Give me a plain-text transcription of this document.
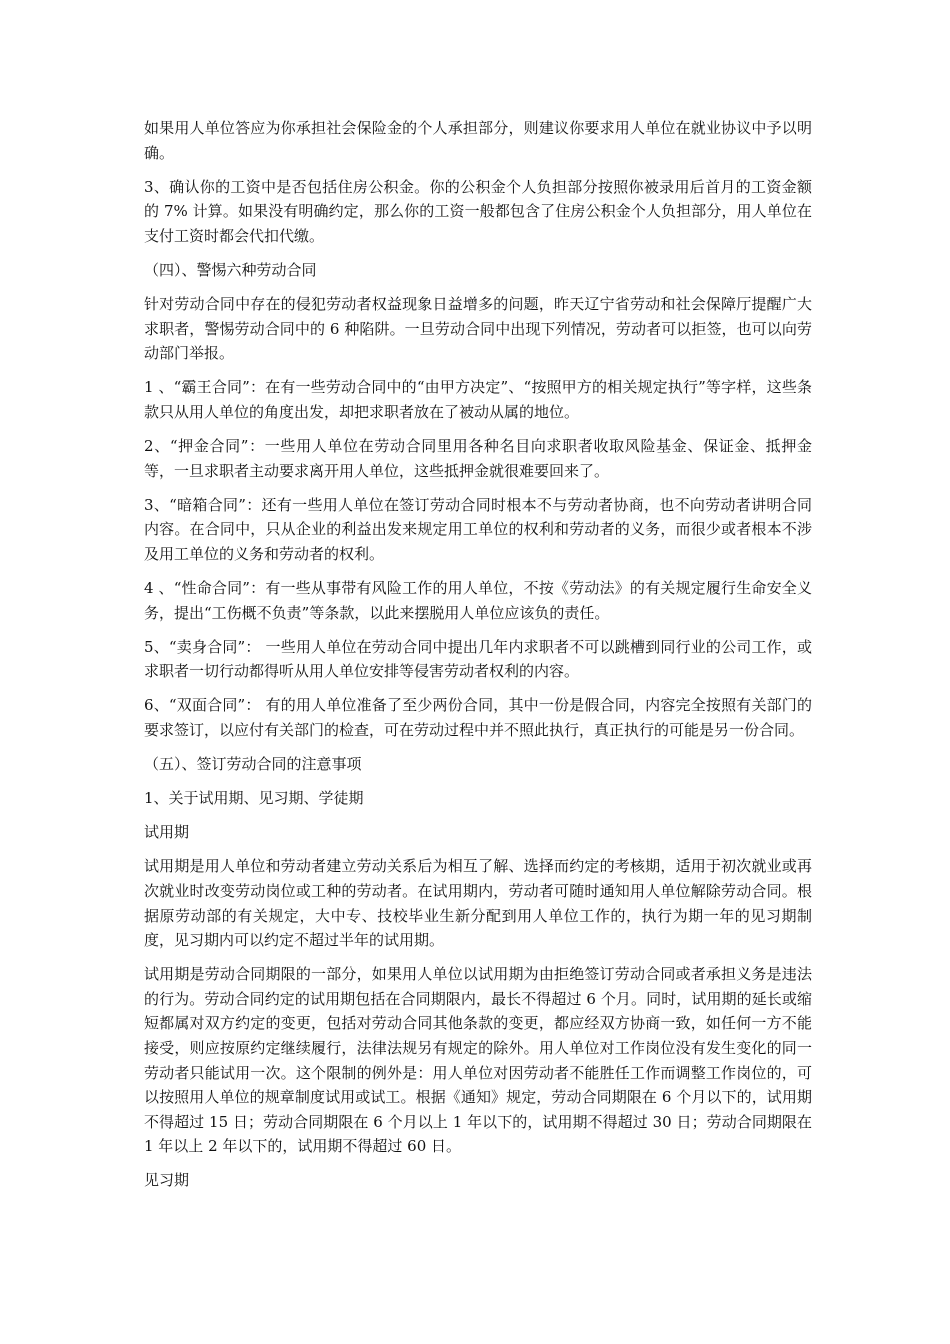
如果用人单位答应为你承担社会保险金的个人承担部分，则建议你要求用人单位在就业协议中予以明确。

3、确认你的工资中是否包括住房公积金。你的公积金个人负担部分按照你被录用后首月的工资金额的 7% 计算。如果没有明确约定，那么你的工资一般都包含了住房公积金个人负担部分，用人单位在支付工资时都会代扣代缴。

（四）、警惕六种劳动合同

针对劳动合同中存在的侵犯劳动者权益现象日益增多的问题，昨天辽宁省劳动和社会保障厅提醒广大求职者，警惕劳动合同中的 6 种陷阱。一旦劳动合同中出现下列情况，劳动者可以拒签，也可以向劳动部门举报。

1 、“霸王合同”：在有一些劳动合同中的“由甲方决定”、“按照甲方的相关规定执行”等字样，这些条款只从用人单位的角度出发，却把求职者放在了被动从属的地位。

2、“押金合同”：一些用人单位在劳动合同里用各种名目向求职者收取风险基金、保证金、抵押金等，一旦求职者主动要求离开用人单位，这些抵押金就很难要回来了。

3、“暗箱合同”：还有一些用人单位在签订劳动合同时根本不与劳动者协商，也不向劳动者讲明合同内容。在合同中，只从企业的利益出发来规定用工单位的权利和劳动者的义务，而很少或者根本不涉及用工单位的义务和劳动者的权利。

4 、“性命合同”：有一些从事带有风险工作的用人单位，不按《劳动法》的有关规定履行生命安全义务，提出“工伤概不负责”等条款，以此来摆脱用人单位应该负的责任。

5、“卖身合同”： 一些用人单位在劳动合同中提出几年内求职者不可以跳槽到同行业的公司工作，或求职者一切行动都得听从用人单位安排等侵害劳动者权利的内容。

6、“双面合同”： 有的用人单位准备了至少两份合同，其中一份是假合同，内容完全按照有关部门的要求签订，以应付有关部门的检查，可在劳动过程中并不照此执行，真正执行的可能是另一份合同。

（五）、签订劳动合同的注意事项

1、关于试用期、见习期、学徒期

试用期

试用期是用人单位和劳动者建立劳动关系后为相互了解、选择而约定的考核期，适用于初次就业或再次就业时改变劳动岗位或工种的劳动者。在试用期内，劳动者可随时通知用人单位解除劳动合同。根据原劳动部的有关规定，大中专、技校毕业生新分配到用人单位工作的，执行为期一年的见习期制度，见习期内可以约定不超过半年的试用期。

试用期是劳动合同期限的一部分，如果用人单位以试用期为由拒绝签订劳动合同或者承担义务是违法的行为。劳动合同约定的试用期包括在合同期限内，最长不得超过 6 个月。同时，试用期的延长或缩短都属对双方约定的变更，包括对劳动合同其他条款的变更，都应经双方协商一致，如任何一方不能接受，则应按原约定继续履行，法律法规另有规定的除外。用人单位对工作岗位没有发生变化的同一劳动者只能试用一次。这个限制的例外是：用人单位对因劳动者不能胜任工作而调整工作岗位的，可以按照用人单位的规章制度试用或试工。根据《通知》规定，劳动合同期限在 6 个月以下的，试用期不得超过 15 日；劳动合同期限在 6 个月以上 1 年以下的，试用期不得超过 30 日；劳动合同期限在 1 年以上 2 年以下的，试用期不得超过 60 日。

见习期
